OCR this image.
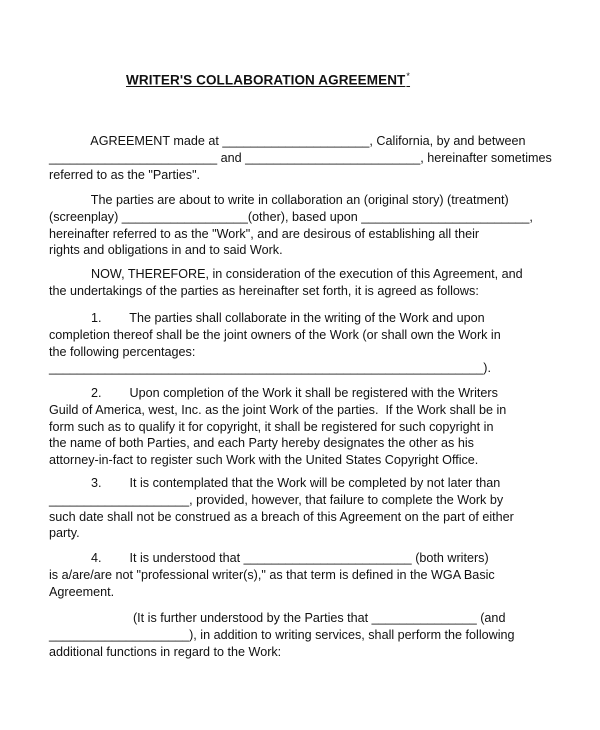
WRITER'S COLLABORATION AGREEMENT*
AGREEMENT made at _____________________, California, by and between
________________________ and _________________________, hereinafter sometimes
referred to as the "Parties".
The parties are about to write in collaboration an (original story) (treatment)
(screenplay) __________________(other), based upon ________________________,
hereinafter referred to as the "Work", and are desirous of establishing all their
rights and obligations in and to said Work.
NOW, THEREFORE, in consideration of the execution of this Agreement, and
the undertakings of the parties as hereinafter set forth, it is agreed as follows:
1.        The parties shall collaborate in the writing of the Work and upon
completion thereof shall be the joint owners of the Work (or shall own the Work in
the following percentages:
______________________________________________________________).
2.        Upon completion of the Work it shall be registered with the Writers
Guild of America, west, Inc. as the joint Work of the parties.  If the Work shall be in
form such as to qualify it for copyright, it shall be registered for such copyright in
the name of both Parties, and each Party hereby designates the other as his
attorney-in-fact to register such Work with the United States Copyright Office.
3.        It is contemplated that the Work will be completed by not later than
____________________, provided, however, that failure to complete the Work by
such date shall not be construed as a breach of this Agreement on the part of either
party.
4.        It is understood that ________________________ (both writers)
is a/are/are not "professional writer(s)," as that term is defined in the WGA Basic
Agreement.
(It is further understood by the Parties that _______________ (and
____________________), in addition to writing services, shall perform the following
additional functions in regard to the Work:
